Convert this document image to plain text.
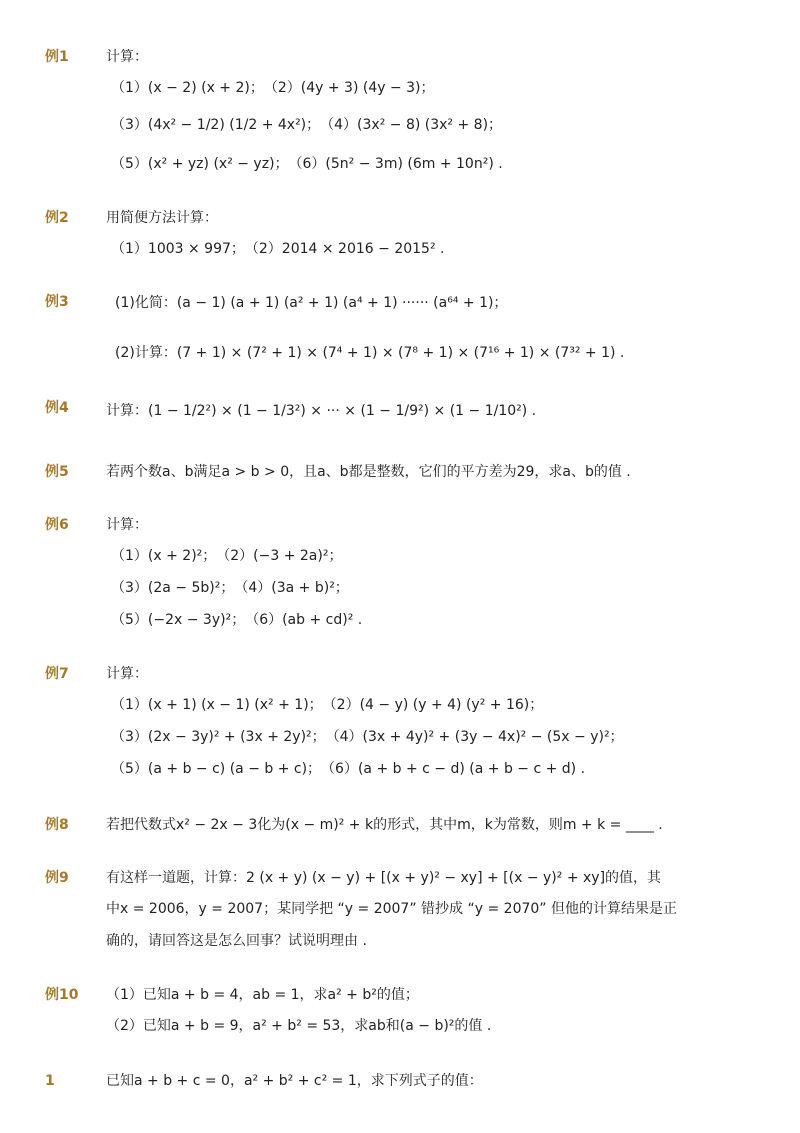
例1	计算：
（1）(x − 2) (x + 2)；　（2）(4y + 3) (4y − 3)；
（3）(4x² − 1/2) (1/2 + 4x²)；　（4）(3x² − 8) (3x² + 8)；
（5）(x² + yz) (x² − yz)；　（6）(5n² − 3m) (6m + 10n²) .
例2	用简便方法计算：
（1）1003 × 997；　（2）2014 × 2016 − 2015² .
例3	(1)化简：(a − 1) (a + 1) (a² + 1) (a⁴ + 1) ······ (a⁶⁴ + 1)；
(2)计算：(7 + 1) × (7² + 1) × (7⁴ + 1) × (7⁸ + 1) × (7¹⁶ + 1) × (7³² + 1) .
例4	计算：(1 − 1/2²) × (1 − 1/3²) × ··· × (1 − 1/9²) × (1 − 1/10²) .
例5	若两个数a、b满足a > b > 0，且a、b都是整数，它们的平方差为29，求a、b的值 .
例6	计算：
（1）(x + 2)²；　（2）(−3 + 2a)²；
（3）(2a − 5b)²；　（4）(3a + b)²；
（5）(−2x − 3y)²；　（6）(ab + cd)² .
例7	计算：
（1）(x + 1) (x − 1) (x² + 1)；　（2）(4 − y) (y + 4) (y² + 16)；
（3）(2x − 3y)² + (3x + 2y)²；　（4）(3x + 4y)² + (3y − 4x)² − (5x − y)²；
（5）(a + b − c) (a − b + c)；　（6）(a + b + c − d) (a + b − c + d) .
例8	若把代数式x² − 2x − 3化为(x − m)² + k的形式，其中m，k为常数，则m + k = ____ .
例9	有这样一道题，计算：2 (x + y) (x − y) + [(x + y)² − xy] + [(x − y)² + xy]的值，其
中x = 2006，y = 2007；某同学把 “y = 2007” 错抄成 “y = 2070” 但他的计算结果是正
确的，请回答这是怎么回事？试说明理由 .
例10 （1）已知a + b = 4，ab = 1，求a² + b²的值；
（2）已知a + b = 9，a² + b² = 53，求ab和(a − b)²的值 .
1	已知a + b + c = 0，a² + b² + c² = 1，求下列式子的值：
